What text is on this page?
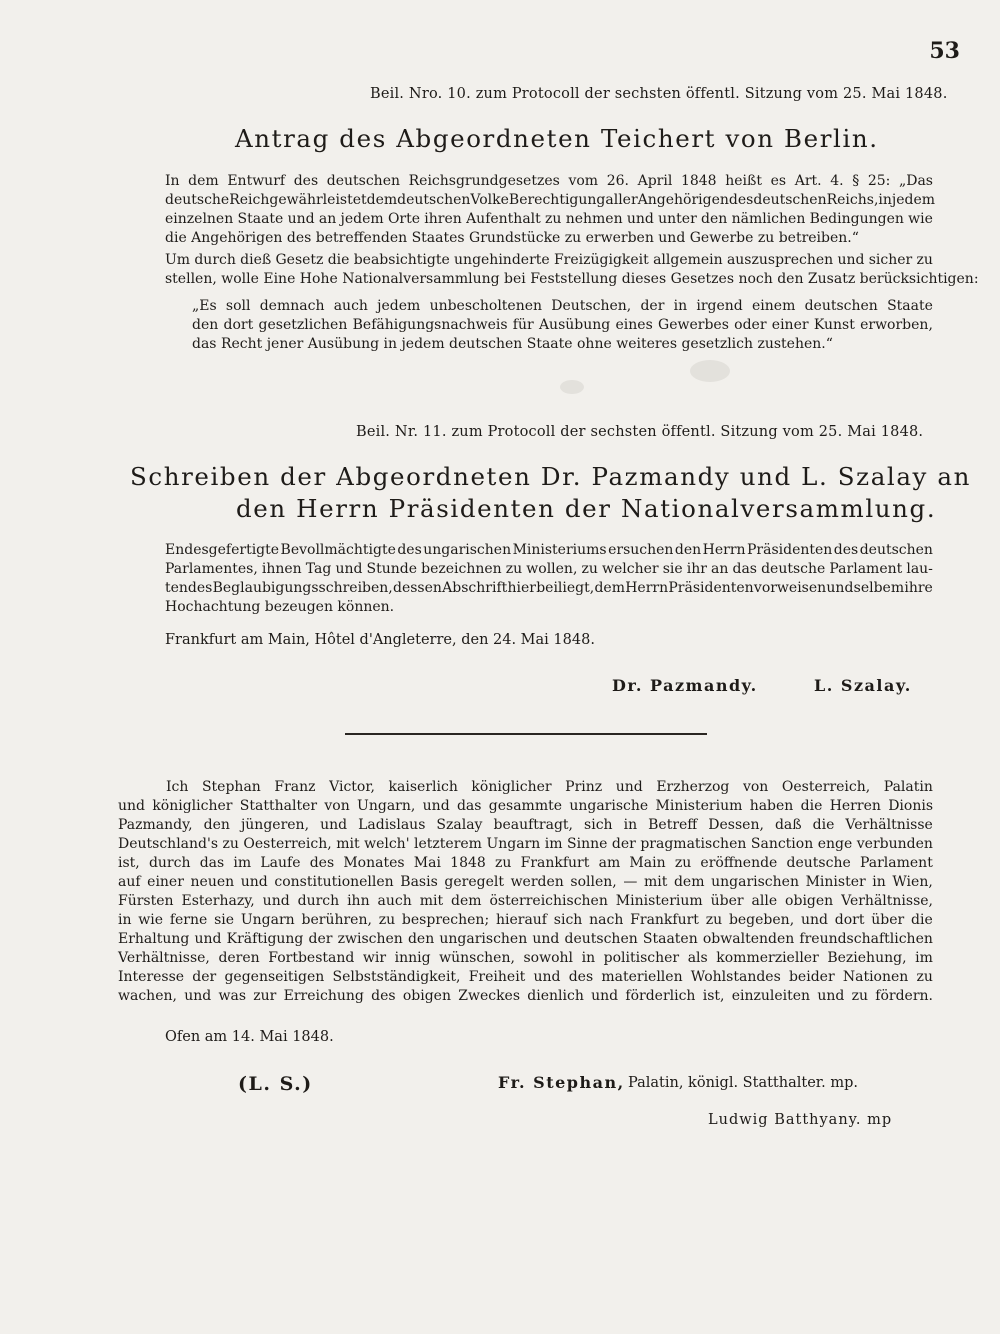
53
Beil. Nro. 10. zum Protocoll der sechsten öffentl. Sitzung vom 25. Mai 1848.
Antrag des Abgeordneten Teichert von Berlin.
In dem Entwurf des deutschen Reichsgrundgesetzes vom 26. April 1848 heißt es Art. 4. § 25: „Das
deutsche Reich gewährleistet dem deutschen Volke Berechtigung aller Angehörigen des deutschen Reichs, in jedem
einzelnen Staate und an jedem Orte ihren Aufenthalt zu nehmen und unter den nämlichen Bedingungen wie
die Angehörigen des betreffenden Staates Grundstücke zu erwerben und Gewerbe zu betreiben.“
Um durch dieß Gesetz die beabsichtigte ungehinderte Freizügigkeit allgemein auszusprechen und sicher zu
stellen, wolle Eine Hohe Nationalversammlung bei Feststellung dieses Gesetzes noch den Zusatz berücksichtigen:
„Es soll demnach auch jedem unbescholtenen Deutschen, der in irgend einem deutschen Staate
den dort gesetzlichen Befähigungsnachweis für Ausübung eines Gewerbes oder einer Kunst erworben,
das Recht jener Ausübung in jedem deutschen Staate ohne weiteres gesetzlich zustehen.“
Beil. Nr. 11. zum Protocoll der sechsten öffentl. Sitzung vom 25. Mai 1848.
Schreiben der Abgeordneten Dr. Pazmandy und L. Szalay an
den Herrn Präsidenten der Nationalversammlung.
Endesgefertigte Bevollmächtigte des ungarischen Ministeriums ersuchen den Herrn Präsidenten des deutschen
Parlamentes, ihnen Tag und Stunde bezeichnen zu wollen, zu welcher sie ihr an das deutsche Parlament lau-
tendes Beglaubigungsschreiben, dessen Abschrift hier beiliegt, dem Herrn Präsidenten vorweisen und selbem ihre
Hochachtung bezeugen können.
Frankfurt am Main, Hôtel d'Angleterre, den 24. Mai 1848.
Dr. Pazmandy.	L. Szalay.
Ich Stephan Franz Victor, kaiserlich königlicher Prinz und Erzherzog von Oesterreich, Palatin
und königlicher Statthalter von Ungarn, und das gesammte ungarische Ministerium haben die Herren Dionis
Pazmandy, den jüngeren, und Ladislaus Szalay beauftragt, sich in Betreff Dessen, daß die Verhältnisse
Deutschland's zu Oesterreich, mit welch' letzterem Ungarn im Sinne der pragmatischen Sanction enge verbunden
ist, durch das im Laufe des Monates Mai 1848 zu Frankfurt am Main zu eröffnende deutsche Parlament
auf einer neuen und constitutionellen Basis geregelt werden sollen, — mit dem ungarischen Minister in Wien,
Fürsten Esterhazy, und durch ihn auch mit dem österreichischen Ministerium über alle obigen Verhältnisse,
in wie ferne sie Ungarn berühren, zu besprechen; hierauf sich nach Frankfurt zu begeben, und dort über die
Erhaltung und Kräftigung der zwischen den ungarischen und deutschen Staaten obwaltenden freundschaftlichen
Verhältnisse, deren Fortbestand wir innig wünschen, sowohl in politischer als kommerzieller Beziehung, im
Interesse der gegenseitigen Selbstständigkeit, Freiheit und des materiellen Wohlstandes beider Nationen zu
wachen, und was zur Erreichung des obigen Zweckes dienlich und förderlich ist, einzuleiten und zu fördern.
Ofen am 14. Mai 1848.
(L. S.)	Fr. Stephan, Palatin, königl. Statthalter. mp.
Ludwig Batthyany. mp
